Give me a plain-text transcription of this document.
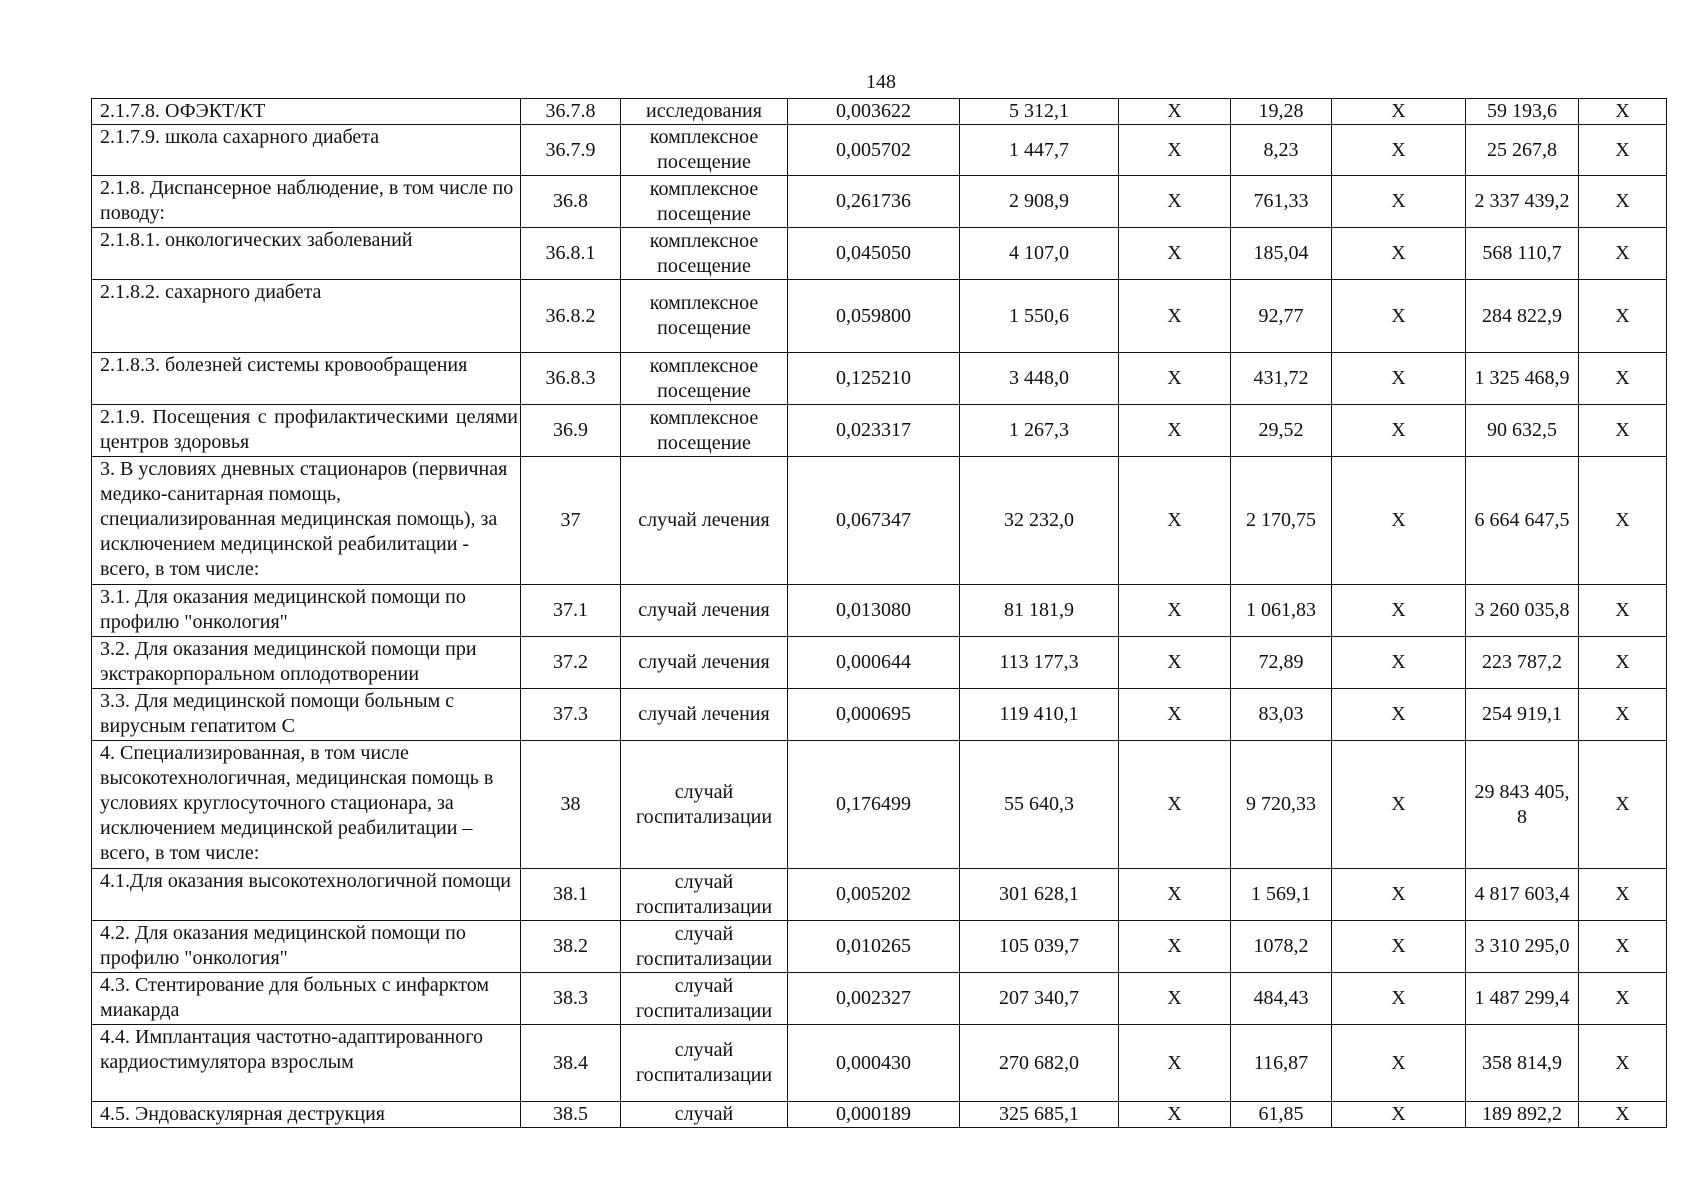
148
2.1.7.8. ОФЭКТ/КТ	36.7.8	исследования	0,003622	5 312,1	X	19,28	X	59 193,6	X
2.1.7.9. школа сахарного диабета	36.7.9	комплексное посещение	0,005702	1 447,7	X	8,23	X	25 267,8	X
2.1.8. Диспансерное наблюдение, в том числе по поводу:	36.8	комплексное посещение	0,261736	2 908,9	X	761,33	X	2 337 439,2	X
2.1.8.1. онкологических заболеваний	36.8.1	комплексное посещение	0,045050	4 107,0	X	185,04	X	568 110,7	X
2.1.8.2. сахарного диабета	36.8.2	комплексное посещение	0,059800	1 550,6	X	92,77	X	284 822,9	X
2.1.8.3. болезней системы кровообращения	36.8.3	комплексное посещение	0,125210	3 448,0	X	431,72	X	1 325 468,9	X
2.1.9. Посещения с профилактическими целями центров здоровья	36.9	комплексное посещение	0,023317	1 267,3	X	29,52	X	90 632,5	X
3. В условиях дневных стационаров (первичная медико-санитарная помощь, специализированная медицинская помощь), за исключением медицинской реабилитации - всего, в том числе:	37	случай лечения	0,067347	32 232,0	X	2 170,75	X	6 664 647,5	X
3.1. Для оказания медицинской помощи по профилю "онкология"	37.1	случай лечения	0,013080	81 181,9	X	1 061,83	X	3 260 035,8	X
3.2. Для оказания медицинской помощи при экстракорпоральном оплодотворении	37.2	случай лечения	0,000644	113 177,3	X	72,89	X	223 787,2	X
3.3. Для медицинской помощи больным с вирусным гепатитом С	37.3	случай лечения	0,000695	119 410,1	X	83,03	X	254 919,1	X
4. Специализированная, в том числе высокотехнологичная, медицинская помощь в условиях круглосуточного стационара, за исключением медицинской реабилитации – всего, в том числе:	38	случай госпитализации	0,176499	55 640,3	X	9 720,33	X	29 843 405, 8	X
4.1.Для оказания высокотехнологичной помощи	38.1	случай госпитализации	0,005202	301 628,1	X	1 569,1	X	4 817 603,4	X
4.2. Для оказания медицинской помощи по профилю "онкология"	38.2	случай госпитализации	0,010265	105 039,7	X	1078,2	X	3 310 295,0	X
4.3. Стентирование для больных с инфарктом миакарда	38.3	случай госпитализации	0,002327	207 340,7	X	484,43	X	1 487 299,4	X
4.4. Имплантация частотно-адаптированного кардиостимулятора взрослым	38.4	случай госпитализации	0,000430	270 682,0	X	116,87	X	358 814,9	X
4.5. Эндоваскулярная деструкция	38.5	случай	0,000189	325 685,1	X	61,85	X	189 892,2	X
